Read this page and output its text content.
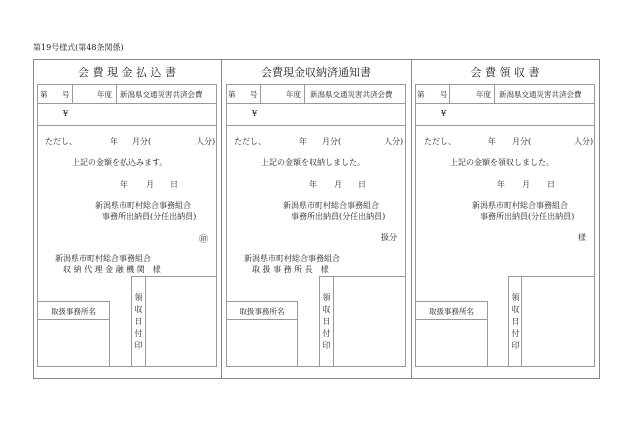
第19号様式(第48条関係)
会 費 現 金 払 込 書
第 号	年度 新潟県交通災害共済会費
¥
ただし、	年 月分(	人分)
上記の金額を払込みます。
年 月 日
新潟県市町村総合事務組合
事務所出納員(分任出納員)
㊞
新潟県市町村総合事務組合
収 納 代 理 金 融 機 関　様
取扱事務所名	領収日付印
会費現金収納済通知書
第 号	年度 新潟県交通災害共済会費
¥
ただし、	年 月分(	人分)
上記の金額を収納しました。
年 月 日
新潟県市町村総合事務組合
事務所出納員(分任出納員)
扱分
新潟県市町村総合事務組合
取 扱 事 務 所 長　様
取扱事務所名	領収日付印
会 費 領 収 書
第 号	年度 新潟県交通災害共済会費
¥
ただし、	年 月分(	人分)
上記の金額を領収しました。
年 月 日
新潟県市町村総合事務組合
事務所出納員(分任出納員)
様
取扱事務所名	領収日付印
